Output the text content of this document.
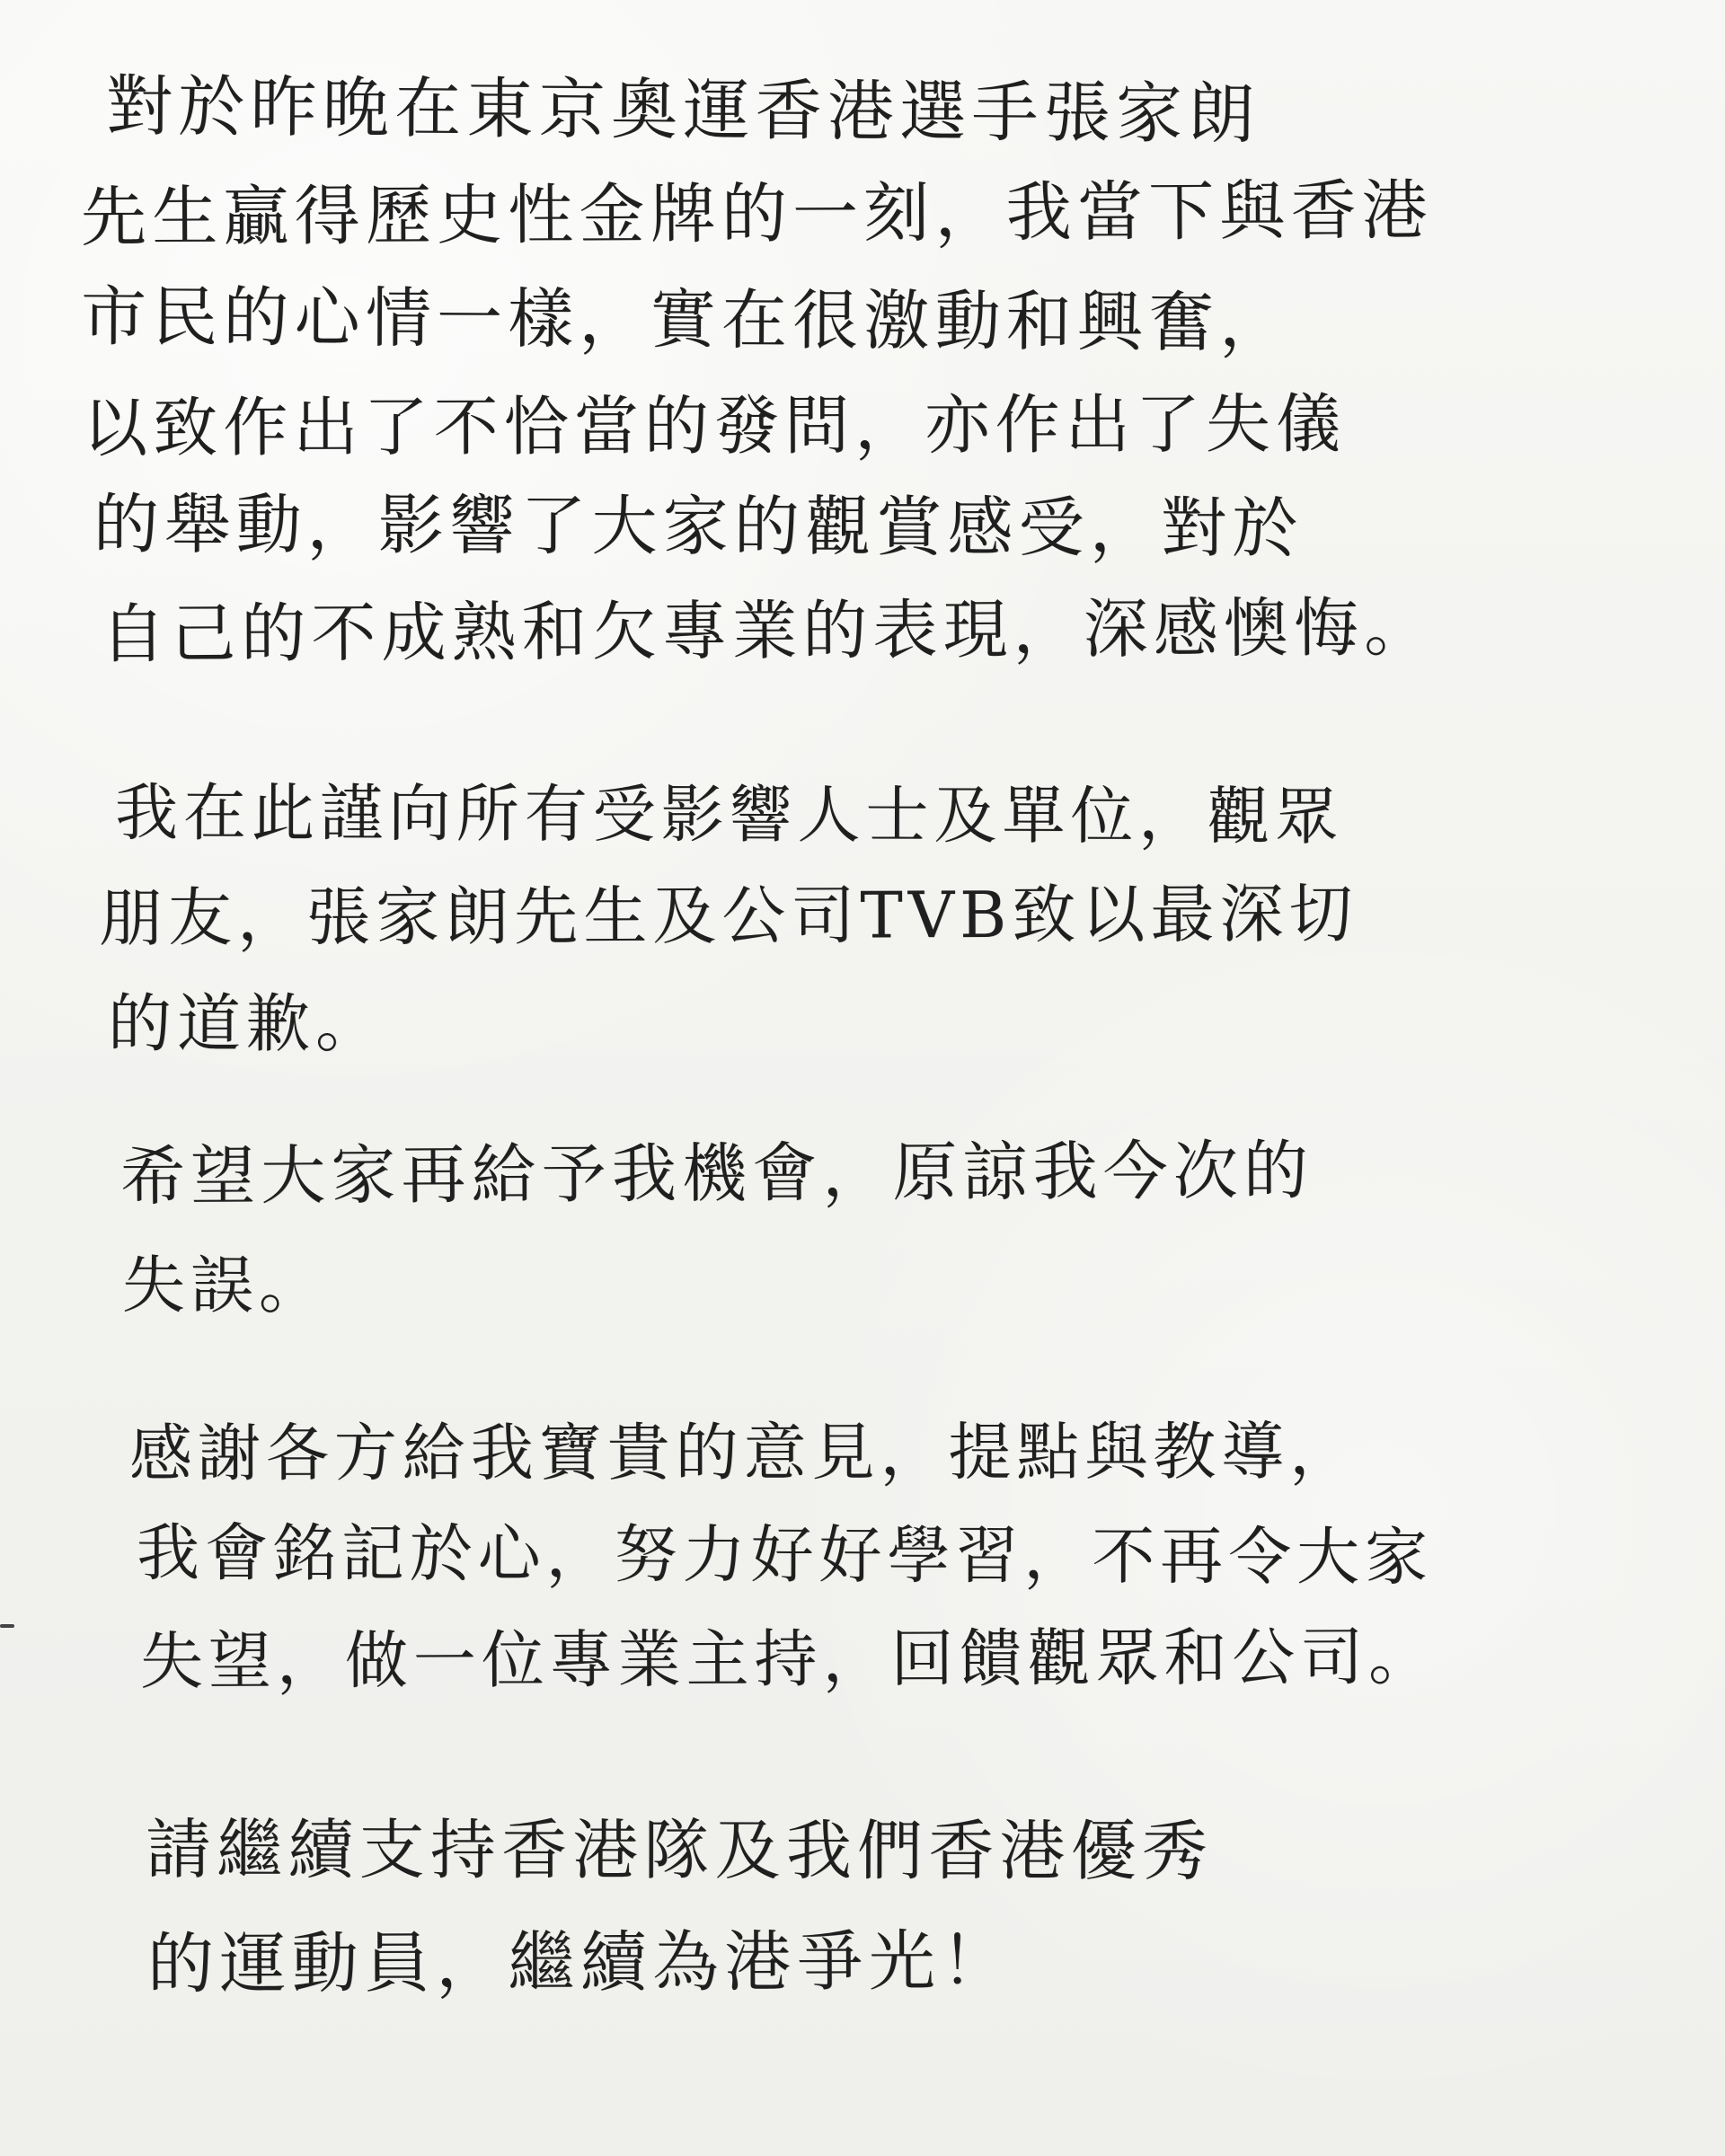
對於昨晚在東京奧運香港選手張家朗

先生贏得歷史性金牌的一刻，我當下與香港

市民的心情一樣，實在很激動和興奮，

以致作出了不恰當的發問，亦作出了失儀

的舉動，影響了大家的觀賞感受，對於

自己的不成熟和欠專業的表現，深感懊悔。

我在此謹向所有受影響人士及單位，觀眾

朋友，張家朗先生及公司TVB致以最深切

的道歉。

希望大家再給予我機會，原諒我今次的

失誤。

感謝各方給我寶貴的意見，提點與教導，

我會銘記於心，努力好好學習，不再令大家

失望，做一位專業主持，回饋觀眾和公司。

請繼續支持香港隊及我們香港優秀

的運動員，繼續為港爭光！
